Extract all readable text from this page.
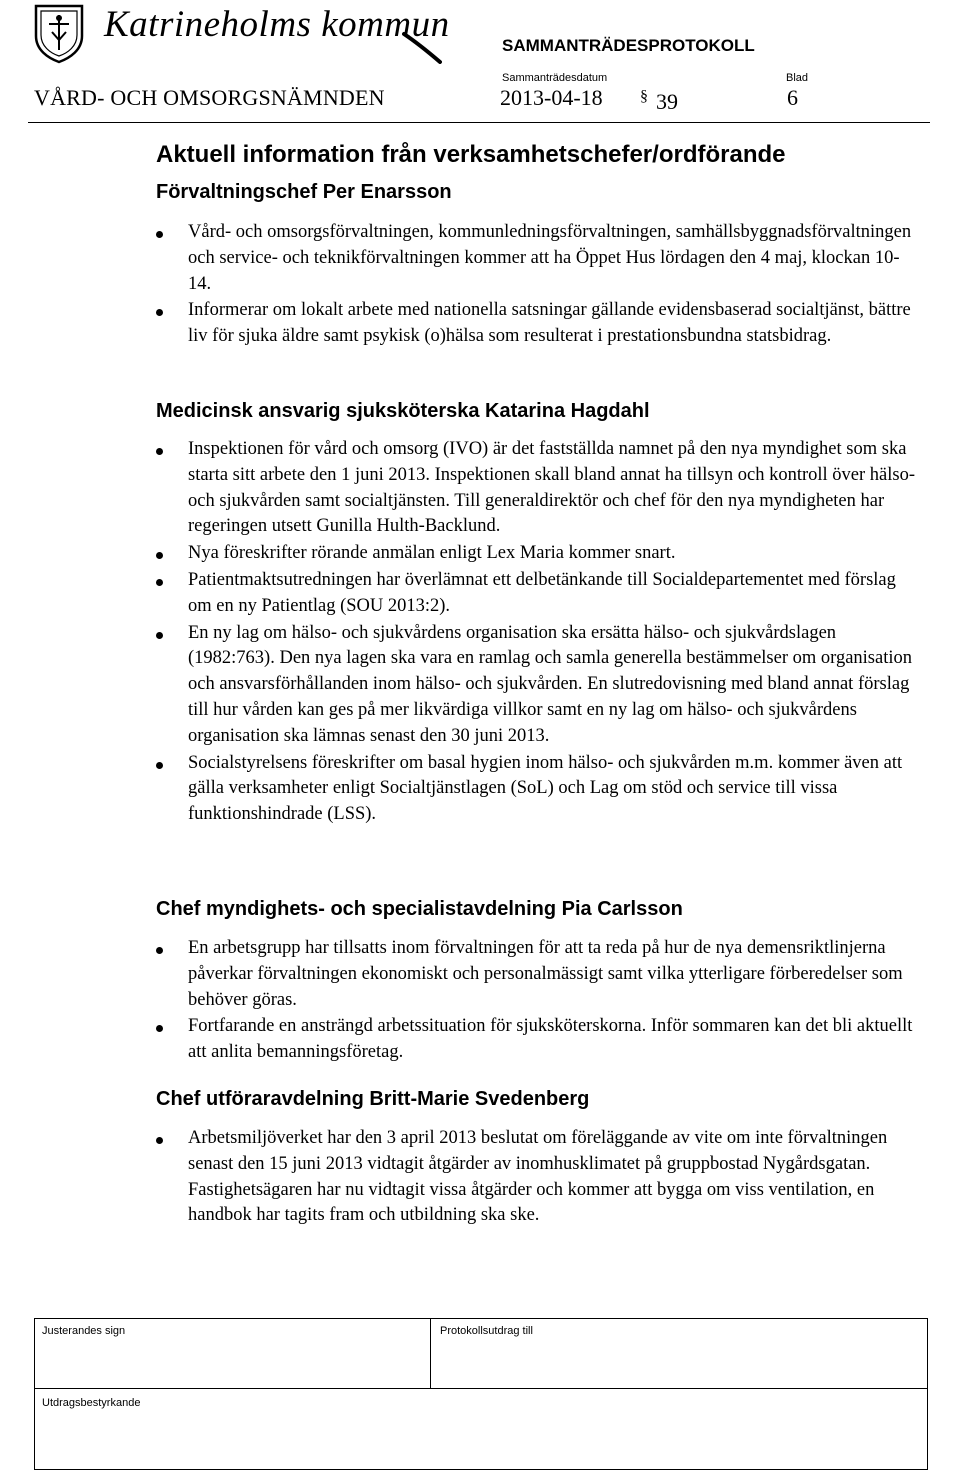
Katrineholms kommun
SAMMANTRÄDESPROTOKOLL
Sammanträdesdatum	Blad
VÅRD- OCH OMSORGSNÄMNDEN	2013-04-18 § 39	6
Aktuell information från verksamhetschefer/ordförande
Förvaltningschef Per Enarsson
Vård- och omsorgsförvaltningen, kommunledningsförvaltningen, samhällsbyggnadsförvaltningen och service- och teknikförvaltningen kommer att ha Öppet Hus lördagen den 4 maj, klockan 10-14.
Informerar om lokalt arbete med nationella satsningar gällande evidensbaserad socialtjänst, bättre liv för sjuka äldre samt psykisk (o)hälsa som resulterat i prestationsbundna statsbidrag.
Medicinsk ansvarig sjuksköterska Katarina Hagdahl
Inspektionen för vård och omsorg (IVO) är det fastställda namnet på den nya myndighet som ska starta sitt arbete den 1 juni 2013. Inspektionen skall bland annat ha tillsyn och kontroll över hälso- och sjukvården samt socialtjänsten. Till generaldirektör och chef för den nya myndigheten har regeringen utsett Gunilla Hulth-Backlund.
Nya föreskrifter rörande anmälan enligt Lex Maria kommer snart.
Patientmaktsutredningen har överlämnat ett delbetänkande till Socialdepartementet med förslag om en ny Patientlag (SOU 2013:2).
En ny lag om hälso- och sjukvårdens organisation ska ersätta hälso- och sjukvårdslagen (1982:763). Den nya lagen ska vara en ramlag och samla generella bestämmelser om organisation och ansvarsförhållanden inom hälso- och sjukvården. En slutredovisning med bland annat förslag till hur vården kan ges på mer likvärdiga villkor samt en ny lag om hälso- och sjukvårdens organisation ska lämnas senast den 30 juni 2013.
Socialstyrelsens föreskrifter om basal hygien inom hälso- och sjukvården m.m. kommer även att gälla verksamheter enligt Socialtjänstlagen (SoL) och Lag om stöd och service till vissa funktionshindrade (LSS).
Chef myndighets- och specialistavdelning Pia Carlsson
En arbetsgrupp har tillsatts inom förvaltningen för att ta reda på hur de nya demensriktlinjerna påverkar förvaltningen ekonomiskt och personalmässigt samt vilka ytterligare förberedelser som behöver göras.
Fortfarande en ansträngd arbetssituation för sjuksköterskorna. Inför sommaren kan det bli aktuellt att anlita bemanningsföretag.
Chef utföraravdelning Britt-Marie Svedenberg
Arbetsmiljöverket har den 3 april 2013 beslutat om föreläggande av vite om inte förvaltningen senast den 15 juni 2013 vidtagit åtgärder av inomhusklimatet på gruppbostad Nygårdsgatan. Fastighetsägaren har nu vidtagit vissa åtgärder och kommer att bygga om viss ventilation, en handbok har tagits fram och utbildning ska ske.
Justerandes sign	Protokollsutdrag till
Utdragsbestyrkande
